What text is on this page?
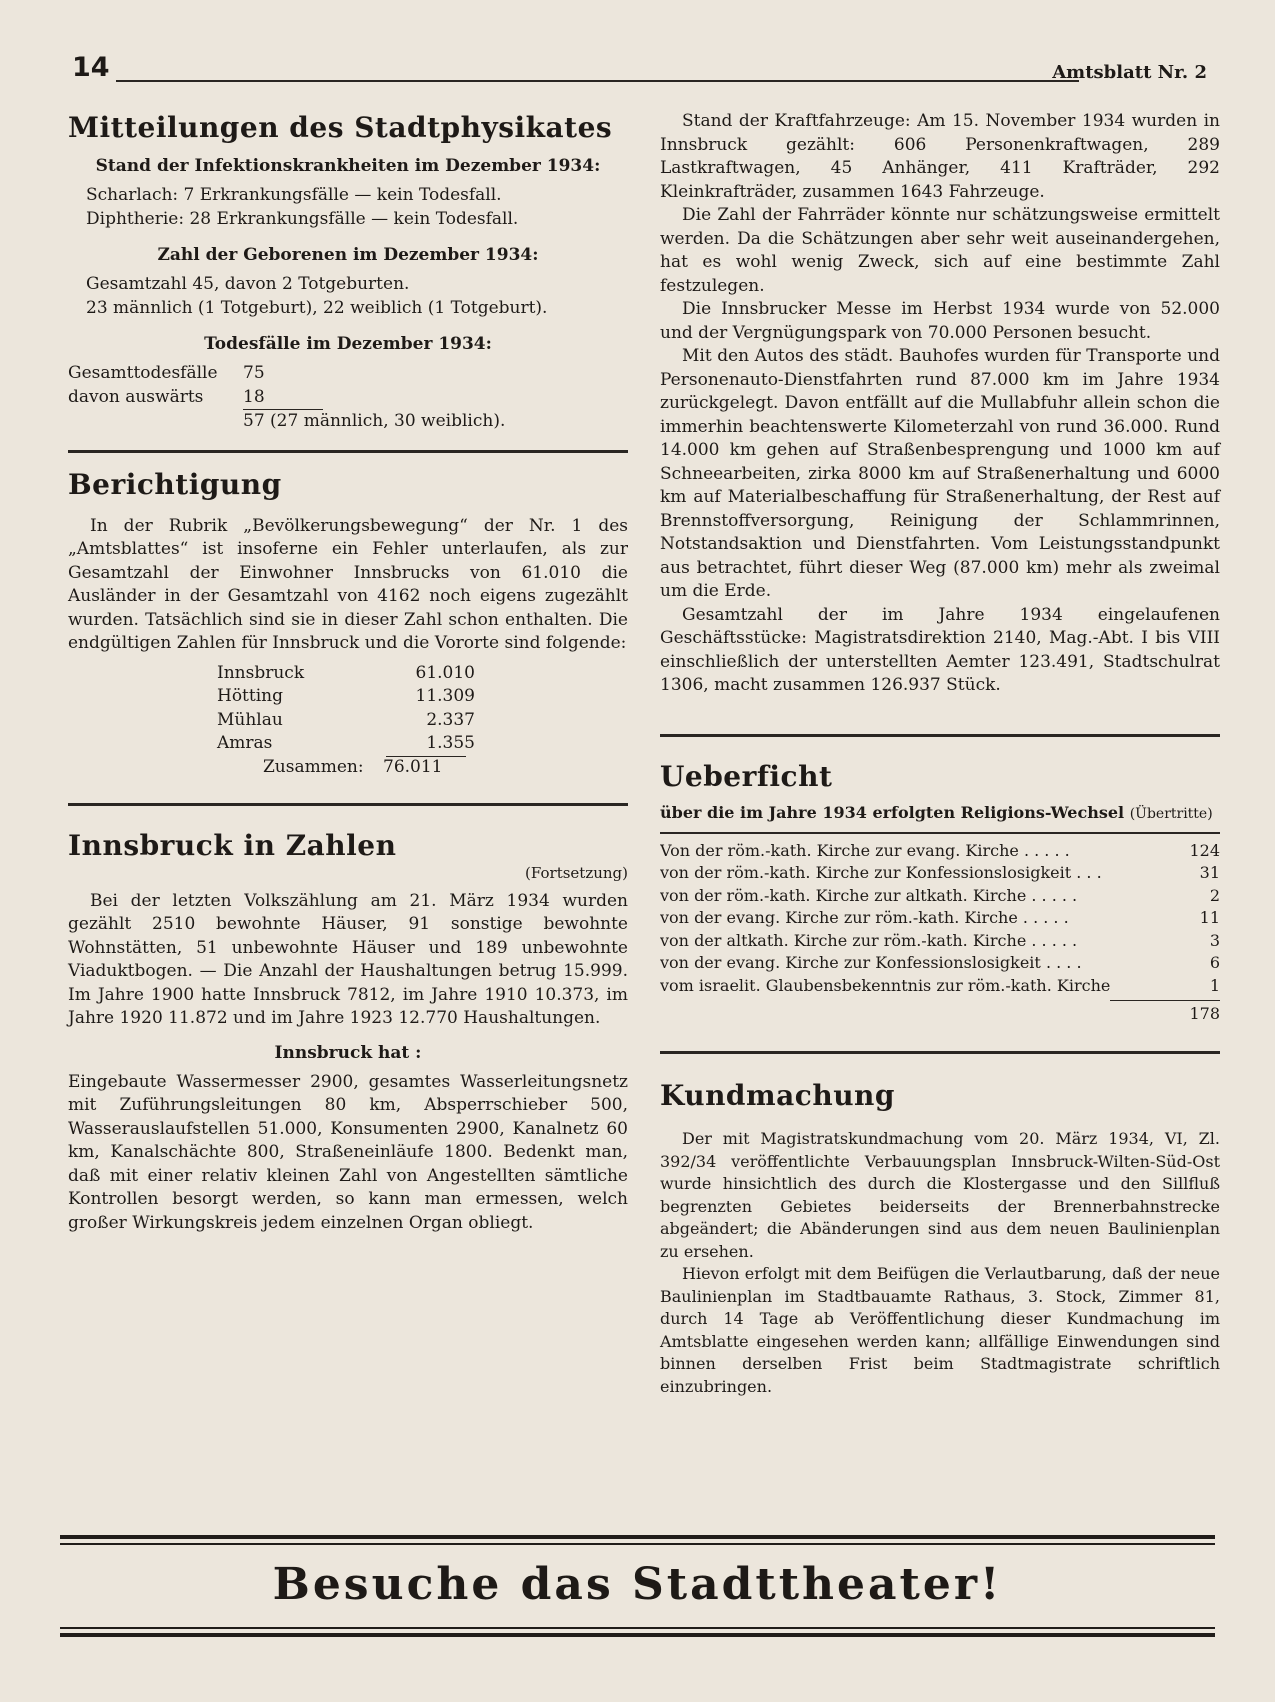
14	Amtsblatt Nr. 2
Mitteilungen des Stadtphysikates
Stand der Infektionskrankheiten im Dezember 1934:
Scharlach: 7 Erkrankungsfälle — kein Todesfall.
Diphtherie: 28 Erkrankungsfälle — kein Todesfall.
Zahl der Geborenen im Dezember 1934:
Gesamtzahl 45, davon 2 Totgeburten.
23 männlich (1 Totgeburt), 22 weiblich (1 Totgeburt).
Todesfälle im Dezember 1934:
Gesamttodesfälle 75
davon auswärts 18
57 (27 männlich, 30 weiblich).
Berichtigung

In der Rubrik „Bevölkerungsbewegung“ der Nr. 1 des „Amtsblattes“ ist insoferne ein Fehler unterlaufen, als zur Gesamtzahl der Einwohner Innsbrucks von 61.010 die Ausländer in der Gesamtzahl von 4162 noch eigens zugezählt wurden. Tatsächlich sind sie in dieser Zahl schon enthalten. Die endgültigen Zahlen für Innsbruck und die Vororte sind folgende:

Innsbruck	61.010
Hötting	11.309
Mühlau	2.337
Amras	1.355
Zusammen: 76.011
Innsbruck in Zahlen
(Fortsetzung)

Bei der letzten Volkszählung am 21. März 1934 wurden gezählt 2510 bewohnte Häuser, 91 sonstige bewohnte Wohnstätten, 51 unbewohnte Häuser und 189 unbewohnte Viaduktbogen. — Die Anzahl der Haushaltungen betrug 15.999. Im Jahre 1900 hatte Innsbruck 7812, im Jahre 1910 10.373, im Jahre 1920 11.872 und im Jahre 1923 12.770 Haushaltungen.

Innsbruck hat :

Eingebaute Wassermesser 2900, gesamtes Wasserleitungsnetz mit Zuführungsleitungen 80 km, Absperrschieber 500, Wasserauslaufstellen 51.000, Konsumenten 2900, Kanalnetz 60 km, Kanalschächte 800, Straßeneinläufe 1800. Bedenkt man, daß mit einer relativ kleinen Zahl von Angestellten sämtliche Kontrollen besorgt werden, so kann man ermessen, welch großer Wirkungskreis jedem einzelnen Organ obliegt.

Stand der Kraftfahrzeuge: Am 15. November 1934 wurden in Innsbruck gezählt: 606 Personenkraftwagen, 289 Lastkraftwagen, 45 Anhänger, 411 Krafträder, 292 Kleinkrafträder, zusammen 1643 Fahrzeuge.

Die Zahl der Fahrräder könnte nur schätzungsweise ermittelt werden. Da die Schätzungen aber sehr weit auseinandergehen, hat es wohl wenig Zweck, sich auf eine bestimmte Zahl festzulegen.

Die Innsbrucker Messe im Herbst 1934 wurde von 52.000 und der Vergnügungspark von 70.000 Personen besucht.

Mit den Autos des städt. Bauhofes wurden für Transporte und Personenauto-Dienstfahrten rund 87.000 km im Jahre 1934 zurückgelegt. Davon entfällt auf die Mullabfuhr allein schon die immerhin beachtenswerte Kilometerzahl von rund 36.000. Rund 14.000 km gehen auf Straßenbesprengung und 1000 km auf Schneearbeiten, zirka 8000 km auf Straßenerhaltung und 6000 km auf Materialbeschaffung für Straßenerhaltung, der Rest auf Brennstoffversorgung, Reinigung der Schlammrinnen, Notstandsaktion und Dienstfahrten. Vom Leistungsstandpunkt aus betrachtet, führt dieser Weg (87.000 km) mehr als zweimal um die Erde.

Gesamtzahl der im Jahre 1934 eingelaufenen Geschäftsstücke: Magistratsdirektion 2140, Mag.-Abt. I bis VIII einschließlich der unterstellten Aemter 123.491, Stadtschulrat 1306, macht zusammen 126.937 Stück.

Ueberficht
über die im Jahre 1934 erfolgten Religions-Wechsel (Übertritte)
Von der röm.-kath. Kirche zur evang. Kirche . . . . .	124
von der röm.-kath. Kirche zur Konfessionslosigkeit . . .	31
von der röm.-kath. Kirche zur altkath. Kirche . . . . .	2
von der evang. Kirche zur röm.-kath. Kirche . . . . .	11
von der altkath. Kirche zur röm.-kath. Kirche . . . . .	3
von der evang. Kirche zur Konfessionslosigkeit . . . .	6
vom israelit. Glaubensbekenntnis zur röm.-kath. Kirche	1
178
Kundmachung

Der mit Magistratskundmachung vom 20. März 1934, VI, Zl. 392/34 veröffentlichte Verbauungsplan Innsbruck-Wilten-Süd-Ost wurde hinsichtlich des durch die Klostergasse und den Sillfluß begrenzten Gebietes beiderseits der Brennerbahnstrecke abgeändert; die Abänderungen sind aus dem neuen Baulinienplan zu ersehen.

Hievon erfolgt mit dem Beifügen die Verlautbarung, daß der neue Baulinienplan im Stadtbauamte Rathaus, 3. Stock, Zimmer 81, durch 14 Tage ab Veröffentlichung dieser Kundmachung im Amtsblatte eingesehen werden kann; allfällige Einwendungen sind binnen derselben Frist beim Stadtmagistrate schriftlich einzubringen.

Besuche das Stadttheater!
